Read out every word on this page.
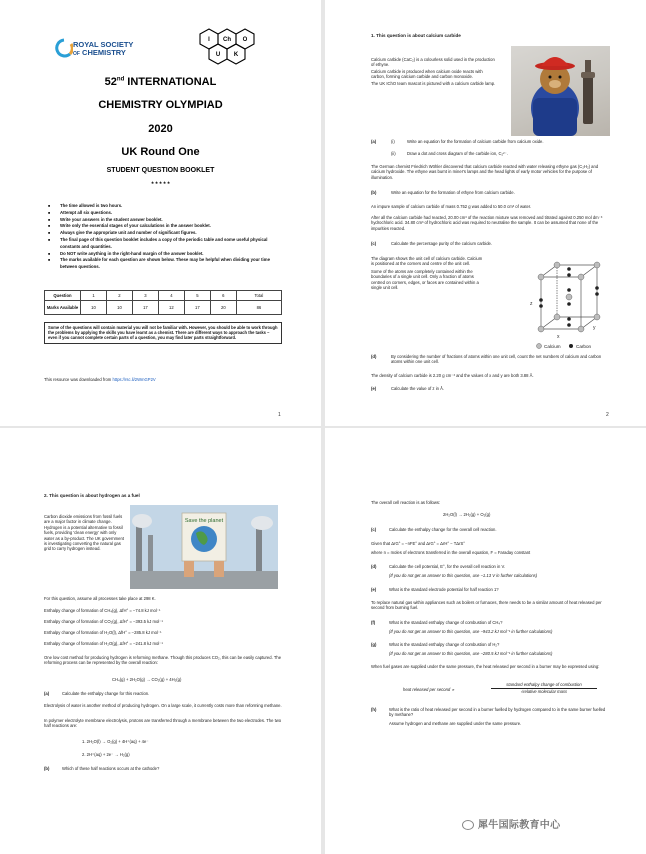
ROYAL SOCIETY
OF CHEMISTRY
I Ch O
U K
52nd INTERNATIONAL
CHEMISTRY OLYMPIAD
2020
UK Round One
STUDENT QUESTION BOOKLET
* * * * *
■ The time allowed is two hours.
■ Attempt all six questions.
■ Write your answers in the student answer booklet.
■ Write only the essential stages of your calculations in the answer booklet.
■ Always give the appropriate unit and number of significant figures.
■ The final page of this question booklet includes a copy of the periodic table and some useful physical constants and quantities.
■ Do NOT write anything in the right-hand margin of the answer booklet.
■ The marks available for each question are shown below. These may be helpful when dividing your time between questions.
Question	1	2	3	4	5	6	Total
Marks Available	10	10	17	12	17	20	86
Some of the questions will contain material you will not be familiar with. However, you should be able to work through the problems by applying the skills you have learnt as a chemist. There are different ways to approach the tasks – even if you cannot complete certain parts of a question, you may find later parts straightforward.
This resource was downloaded from https://rsc.li/2WmGP2V
1
1. This question is about calcium carbide

Calcium carbide (CaC₂) is a colourless solid used in the production of ethyne.

Calcium carbide is produced when calcium oxide reacts with carbon, forming calcium carbide and carbon monoxide.

The UK IChO team mascot is pictured with a calcium carbide lamp.

(a)	(i)	Write an equation for the formation of calcium carbide from calcium oxide.
(ii)	Draw a dot and cross diagram of the carbide ion, C₂²⁻.
The German chemist Friedrich Wöhler discovered that calcium carbide reacted with water releasing ethyne gas (C₂H₂) and calcium hydroxide. The ethyne was burnt in miner's lamps and the head lights of early motor vehicles for the purpose of illumination.
(b)	Write an equation for the formation of ethyne from calcium carbide.
An impure sample of calcium carbide of mass 0.752 g was added to 50.0 cm³ of water.
After all the calcium carbide had reacted, 20.00 cm³ of the reaction mixture was removed and titrated against 0.250 mol dm⁻³ hydrochloric acid. 34.80 cm³ of hydrochloric acid was required to neutralise the sample. It can be assumed that none of the impurities reacted.
(c)	Calculate the percentage purity of the calcium carbide.

The diagram shows the unit cell of calcium carbide. Calcium is positioned at the corners and centre of the unit cell.

Some of the atoms are completely contained within the boundaries of a single unit cell. Only a fraction of atoms centred on corners, edges, or faces are contained within a single unit cell.

z
x
y
Calcium	Carbon
(d)	By considering the number of fractions of atoms within one unit cell, count the net numbers of calcium and carbon atoms within one unit cell.
The density of calcium carbide is 2.20 g cm⁻³ and the values of x and y are both 3.88 Å.
(e)	Calculate the value of z in Å.
2
2. This question is about hydrogen as a fuel
Carbon dioxide emissions from fossil fuels are a major factor in climate change. Hydrogen is a potential alternative to fossil fuels, providing 'clean energy' with only water as a by-product. The UK government is investigating converting the natural gas grid to carry hydrogen instead.
Save the planet
For this question, assume all processes take place at 298 K.
Enthalpy change of formation of CH₄(g), ΔfH° = −74.8 kJ mol⁻¹
Enthalpy change of formation of CO₂(g), ΔfH° = −393.5 kJ mol⁻¹
Enthalpy change of formation of H₂O(l), ΔfH° = −285.8 kJ mol⁻¹
Enthalpy change of formation of H₂O(g), ΔfH° = −241.8 kJ mol⁻¹
One low cost method for producing hydrogen is reforming methane. Though this produces CO₂, this can be easily captured. The reforming process can be represented by the overall reaction:
CH₄(g) + 2H₂O(g) → CO₂(g) + 4H₂(g)
(a)	Calculate the enthalpy change for this reaction.
Electrolysis of water is another method of producing hydrogen. On a large scale, it currently costs more than reforming methane.
In polymer electrolyte membrane electrolysis, protons are transferred through a membrane between the two electrodes. The two half reactions are:
1. 2H₂O(l) → O₂(g) + 4H⁺(aq) + 4e⁻
2. 2H⁺(aq) + 2e⁻ → H₂(g)
(b)	Which of these half reactions occurs at the cathode?
The overall cell reaction is as follows:
2H₂O(l) → 2H₂(g) + O₂(g)
(c)	Calculate the enthalpy change for the overall cell reaction.
Given that ΔrG° = −nFE° and ΔrG° = ΔrH° − TΔrS°
where n = moles of electrons transferred in the overall equation, F = Faraday constant
(d)	Calculate the cell potential, E°, for the overall cell reaction in V.
(If you do not get an answer to this question, use −1.13 V in further calculations)
(e)	What is the standard electrode potential for half reaction 1?
To replace natural gas within appliances such as boilers or furnaces, there needs to be a similar amount of heat released per second from burning fuel.
(f)	What is the standard enthalpy change of combustion of CH₄?
(If you do not get an answer to this question, use −943.2 kJ mol⁻¹ in further calculations)
(g)	What is the standard enthalpy change of combustion of H₂?
(If you do not get an answer to this question, use −280.5 kJ mol⁻¹ in further calculations)
When fuel gases are supplied under the same pressure, the heat released per second in a burner may be expressed using:
heat released per second ∝
standard enthalpy change of combustion
√relative molecular mass
(h)	What is the ratio of heat released per second in a burner fuelled by hydrogen compared to in the same burner fuelled by methane?
Assume hydrogen and methane are supplied under the same pressure.
犀牛国际教育中心
